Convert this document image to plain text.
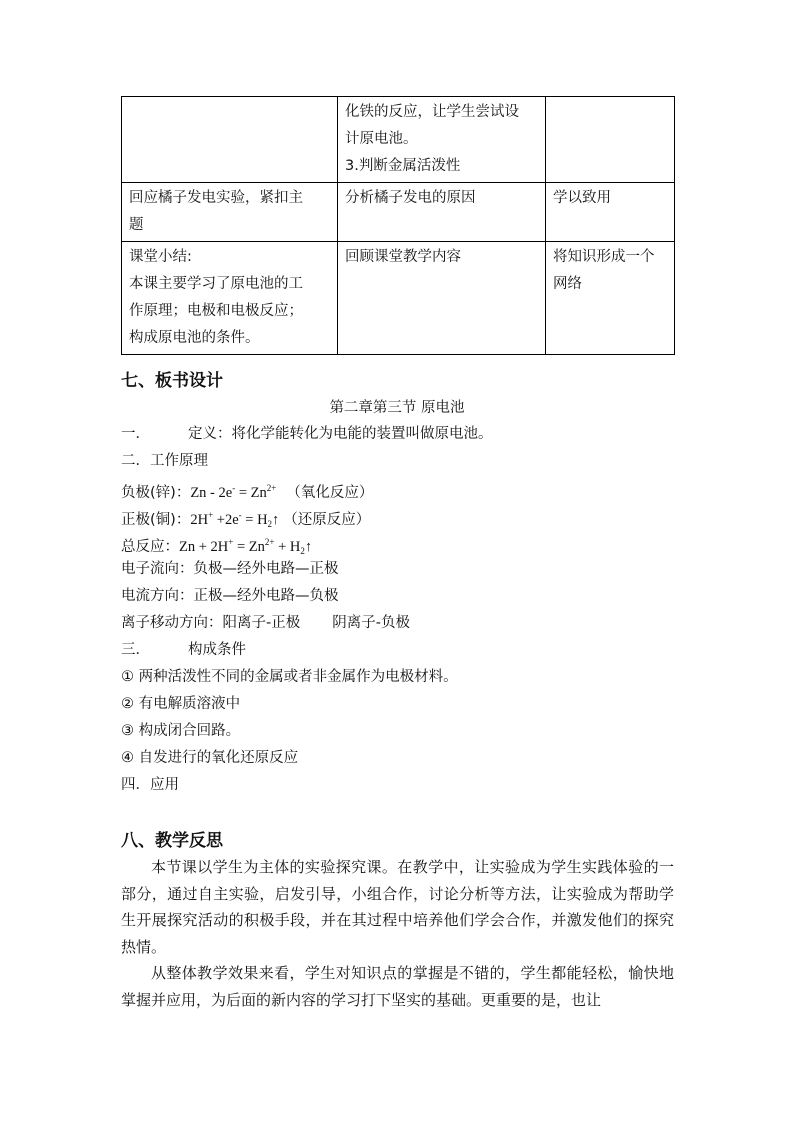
	化铁的反应，让学生尝试设
计原电池。
3.判断金属活泼性	

回应橘子发电实验，紧扣主
题	分析橘子发电的原因	学以致用

课堂小结:
本课主要学习了原电池的工
作原理；电极和电极反应；
构成原电池的条件。	回顾课堂教学内容	将知识形成一个
网络
七、板书设计
第二章第三节 原电池
一．	定义：将化学能转化为电能的装置叫做原电池。
二．工作原理
负极(锌)：$Zn - 2e^- = Zn^{2+}$ （氧化反应）
正极(铜)：$2H^+ +2e^- = H_2↑$ （还原反应）
总反应：$Zn + 2H^+ = Zn^{2+}$ + $H_2↑$
电子流向：负极—经外电路—正极
电流方向：正极—经外电路—负极
离子移动方向：阳离子-正极 阴离子-负极
三．	构成条件
① 两种活泼性不同的金属或者非金属作为电极材料。
② 有电解质溶液中
③ 构成闭合回路。
④ 自发进行的氧化还原反应
四．应用
八、教学反思

本节课以学生为主体的实验探究课。在教学中，让实验成为学生实践体验的一部分，通过自主实验，启发引导，小组合作，讨论分析等方法，让实验成为帮助学生开展探究活动的积极手段，并在其过程中培养他们学会合作，并激发他们的探究热情。

从整体教学效果来看，学生对知识点的掌握是不错的，学生都能轻松，愉快地掌握并应用，为后面的新内容的学习打下坚实的基础。更重要的是，也让
